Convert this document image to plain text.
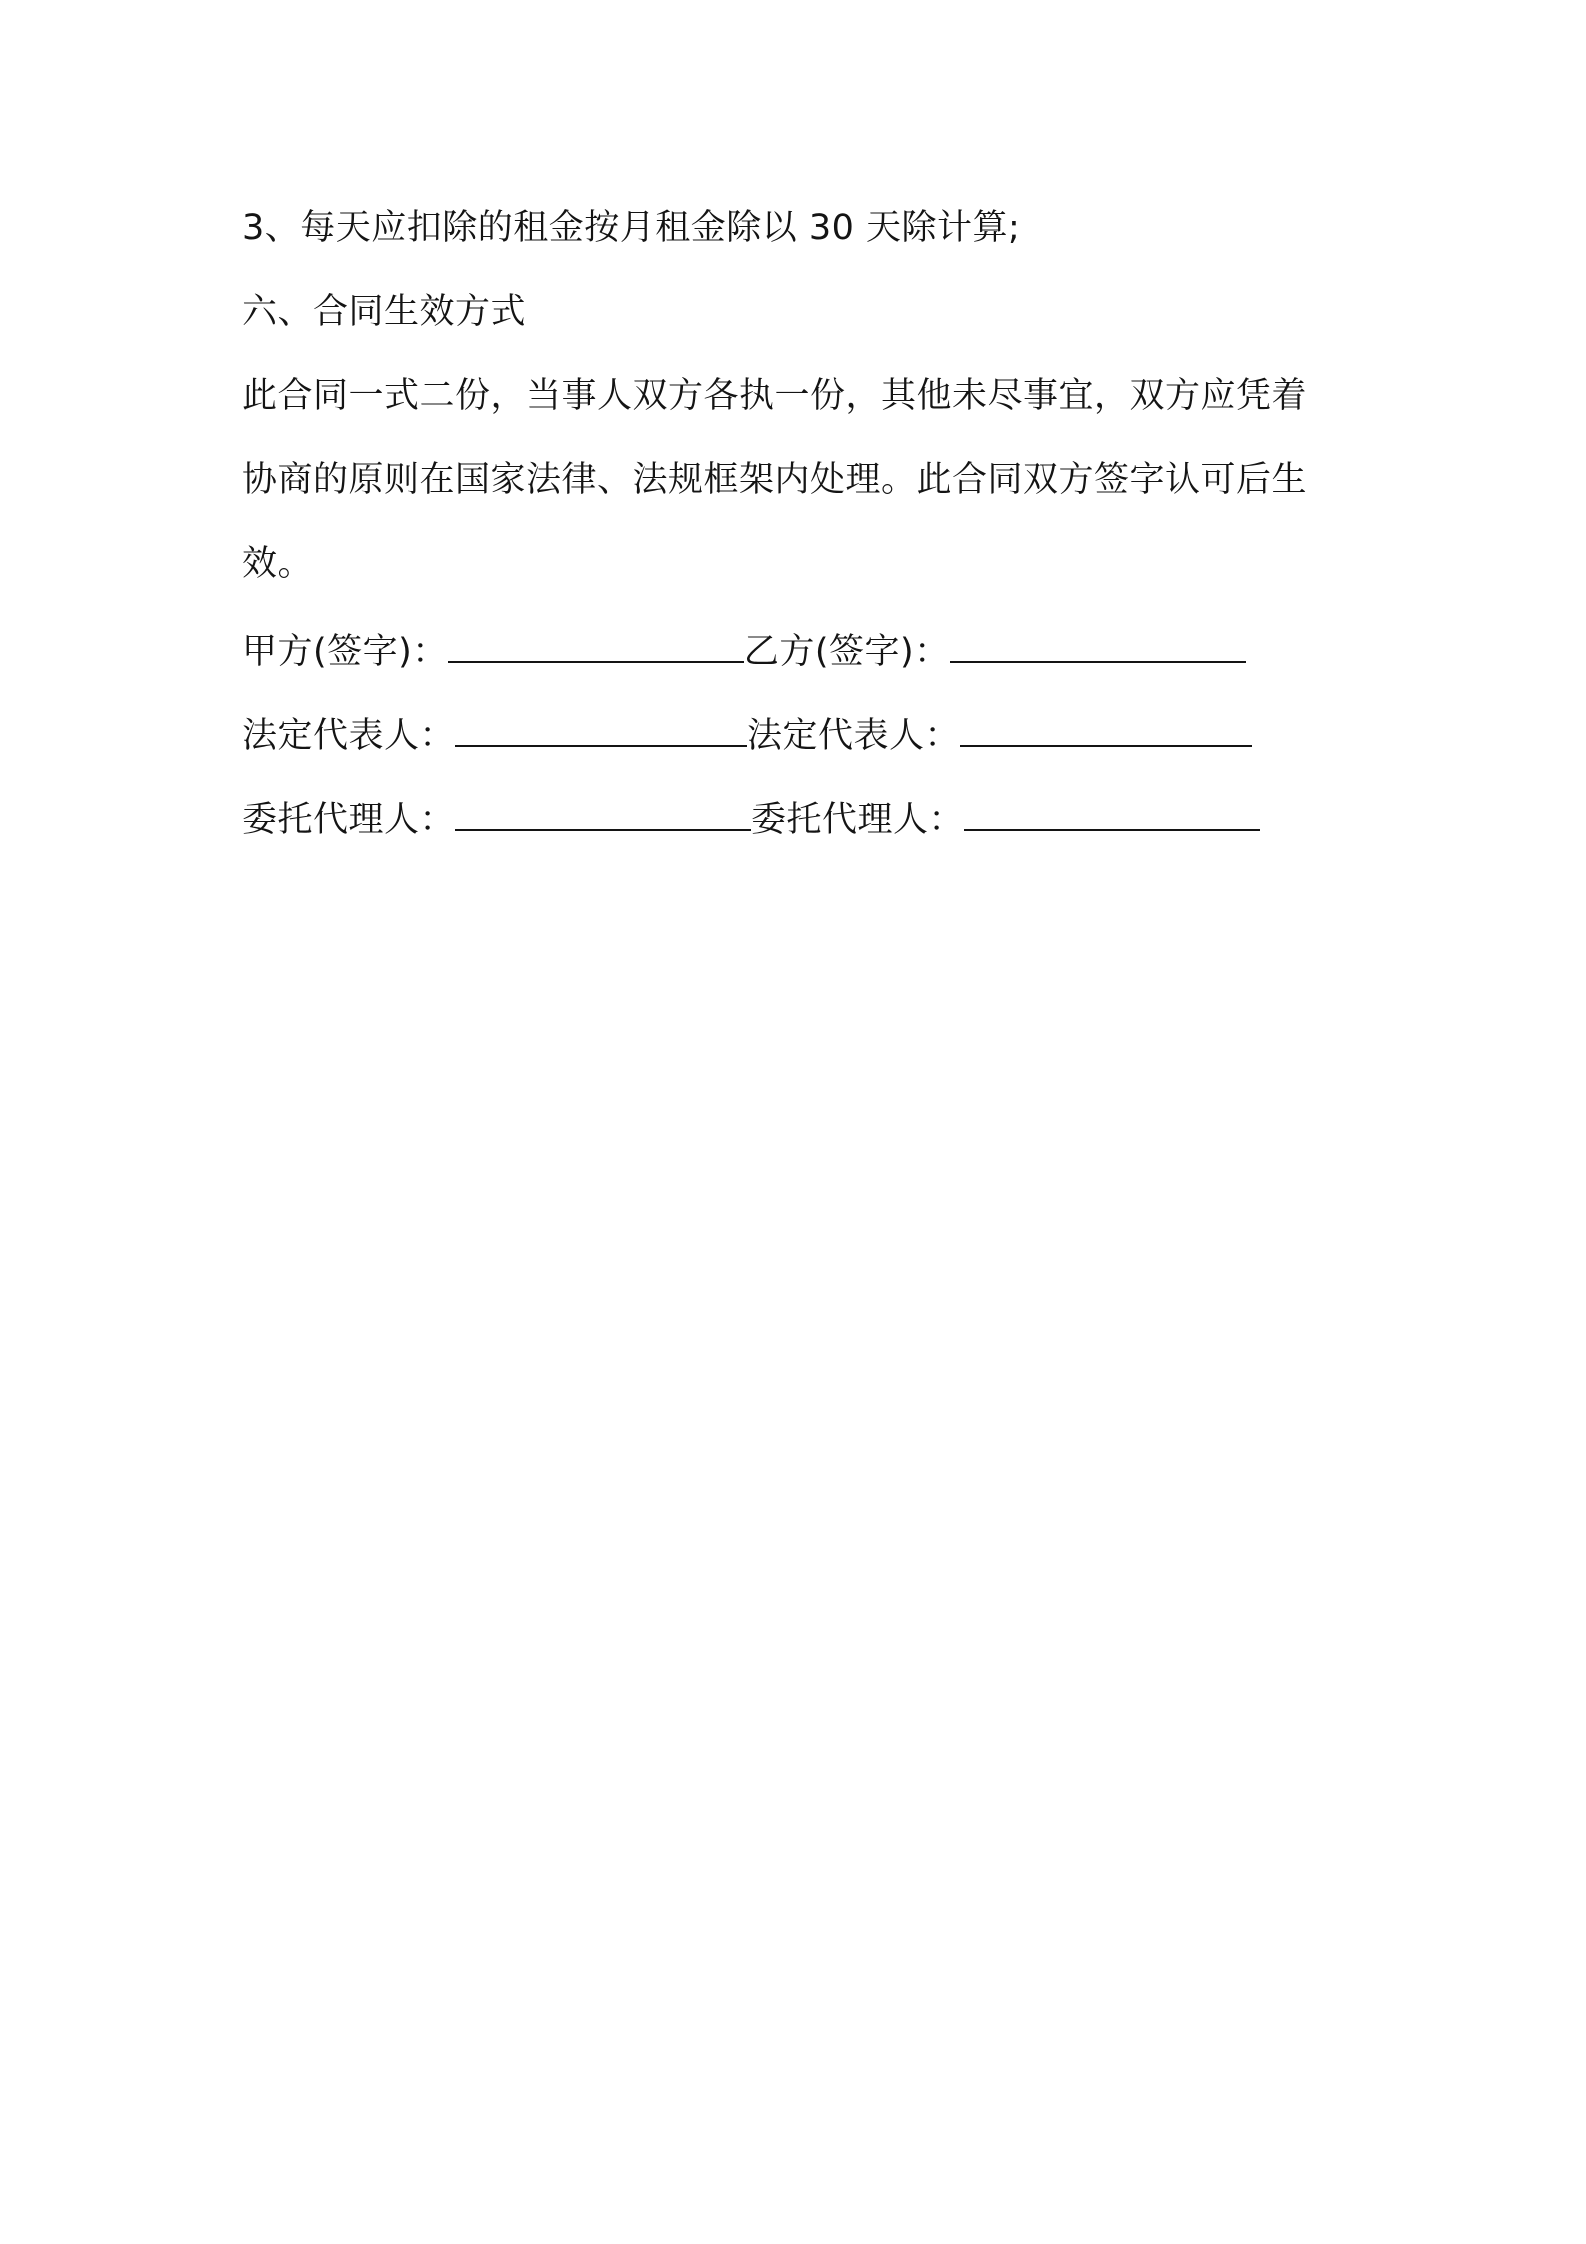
3、每天应扣除的租金按月租金除以 30 天除计算;

六、合同生效方式

此合同一式二份，当事人双方各执一份，其他未尽事宜，双方应凭着

协商的原则在国家法律、法规框架内处理。此合同双方签字认可后生

效。

甲方(签字)：	乙方(签字)：
法定代表人：	法定代表人：
委托代理人：	委托代理人：
